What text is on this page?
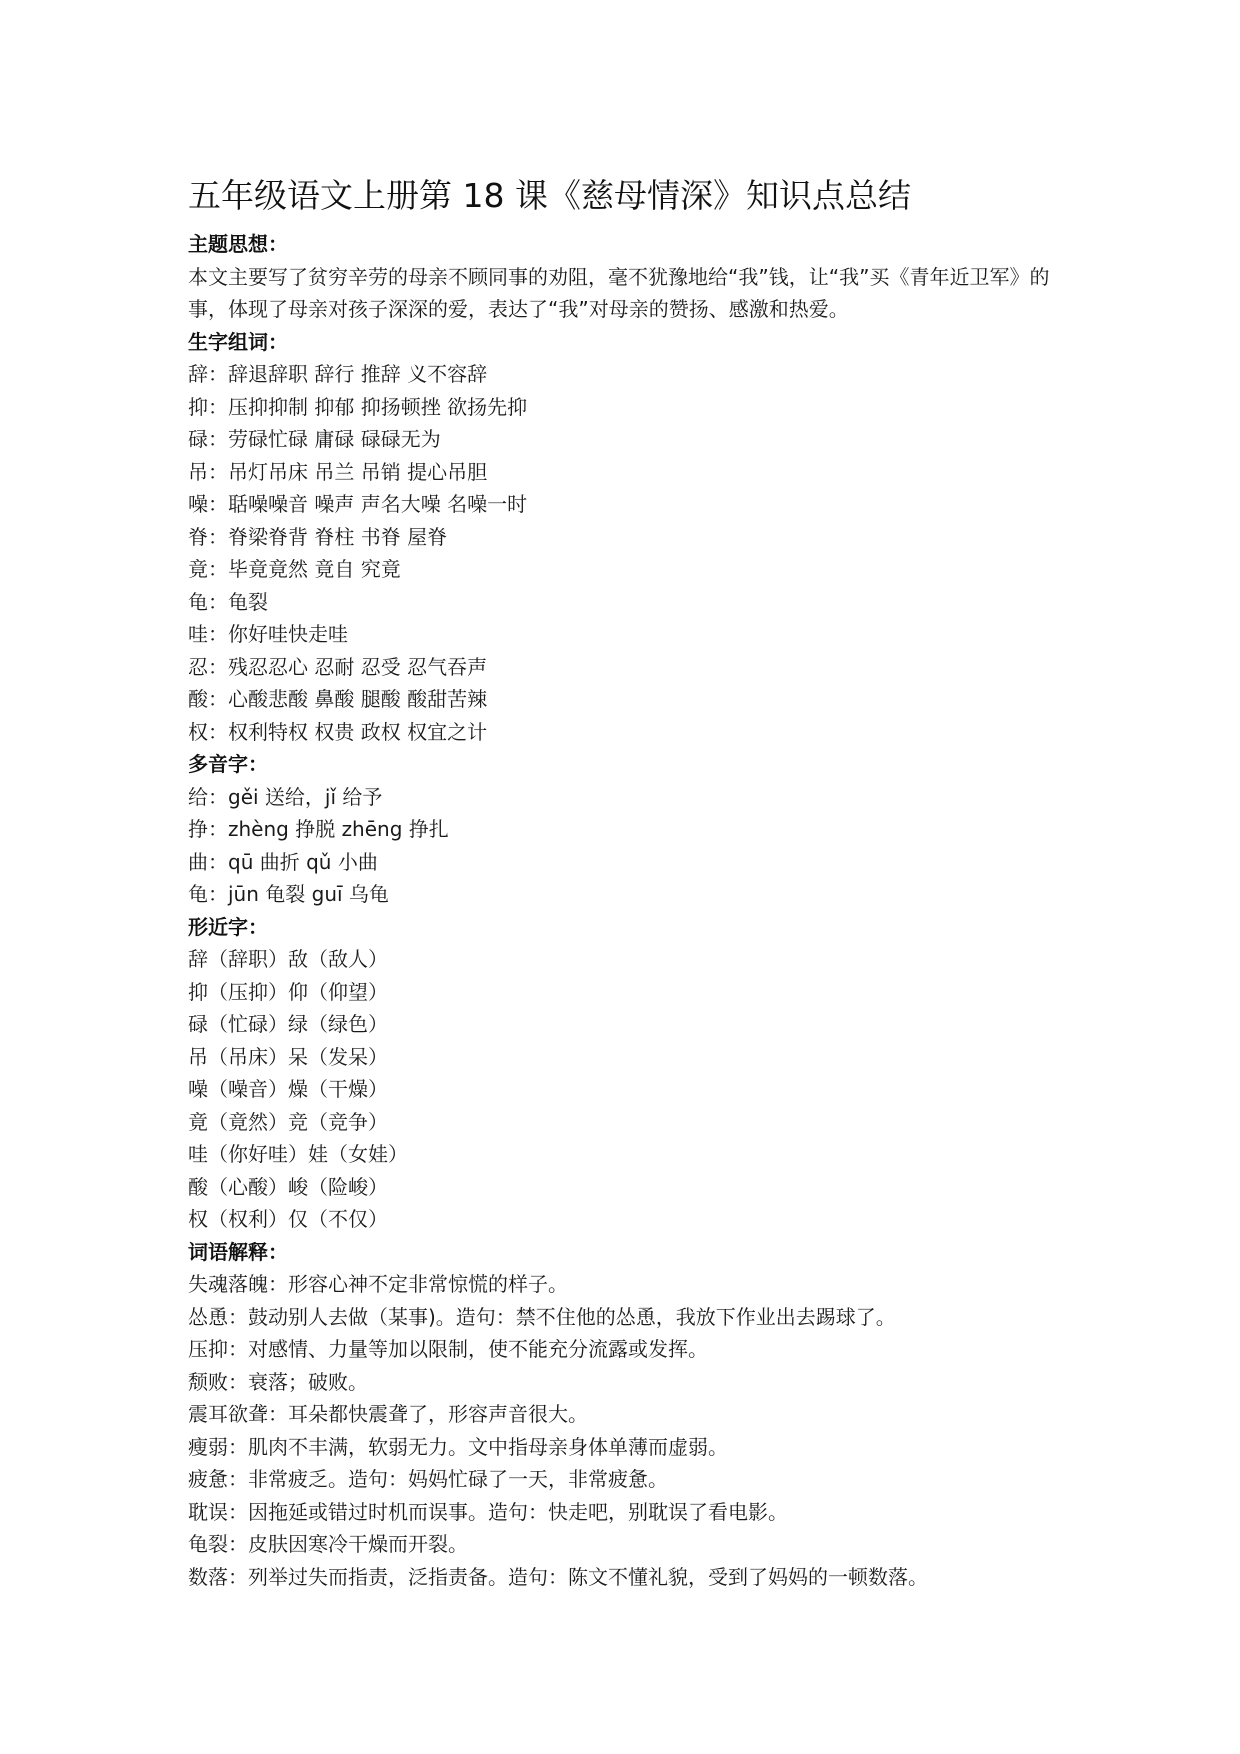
五年级语文上册第 18 课《慈母情深》知识点总结
主题思想：
本文主要写了贫穷辛劳的母亲不顾同事的劝阻，毫不犹豫地给“我”钱，让“我”买《青年近卫军》的事，体现了母亲对孩子深深的爱，表达了“我”对母亲的赞扬、感激和热爱。
生字组词：
辞：辞退辞职 辞行 推辞 义不容辞
抑：压抑抑制 抑郁 抑扬顿挫 欲扬先抑
碌：劳碌忙碌 庸碌 碌碌无为
吊：吊灯吊床 吊兰 吊销 提心吊胆
噪：聒噪噪音 噪声 声名大噪 名噪一时
脊：脊梁脊背 脊柱 书脊 屋脊
竟：毕竟竟然 竟自 究竟
龟：龟裂
哇：你好哇快走哇
忍：残忍忍心 忍耐 忍受 忍气吞声
酸：心酸悲酸 鼻酸 腿酸 酸甜苦辣
权：权利特权 权贵 政权 权宜之计
多音字：
给：gěi 送给，jǐ 给予
挣：zhèng 挣脱 zhēng 挣扎
曲：qū 曲折 qǔ 小曲
龟：jūn 龟裂 guī 乌龟
形近字：
辞（辞职）敌（敌人）
抑（压抑）仰（仰望）
碌（忙碌）绿（绿色）
吊（吊床）呆（发呆）
噪（噪音）燥（干燥）
竟（竟然）竞（竞争）
哇（你好哇）娃（女娃）
酸（心酸）峻（险峻）
权（权利）仅（不仅）
词语解释：
失魂落魄：形容心神不定非常惊慌的样子。
怂恿：鼓动别人去做（某事)。造句：禁不住他的怂恿，我放下作业出去踢球了。
压抑：对感情、力量等加以限制，使不能充分流露或发挥。
颓败：衰落；破败。
震耳欲聋：耳朵都快震聋了，形容声音很大。
瘦弱：肌肉不丰满，软弱无力。文中指母亲身体单薄而虚弱。
疲惫：非常疲乏。造句：妈妈忙碌了一天，非常疲惫。
耽误：因拖延或错过时机而误事。造句：快走吧，别耽误了看电影。
龟裂：皮肤因寒冷干燥而开裂。
数落：列举过失而指责，泛指责备。造句：陈文不懂礼貌，受到了妈妈的一顿数落。
